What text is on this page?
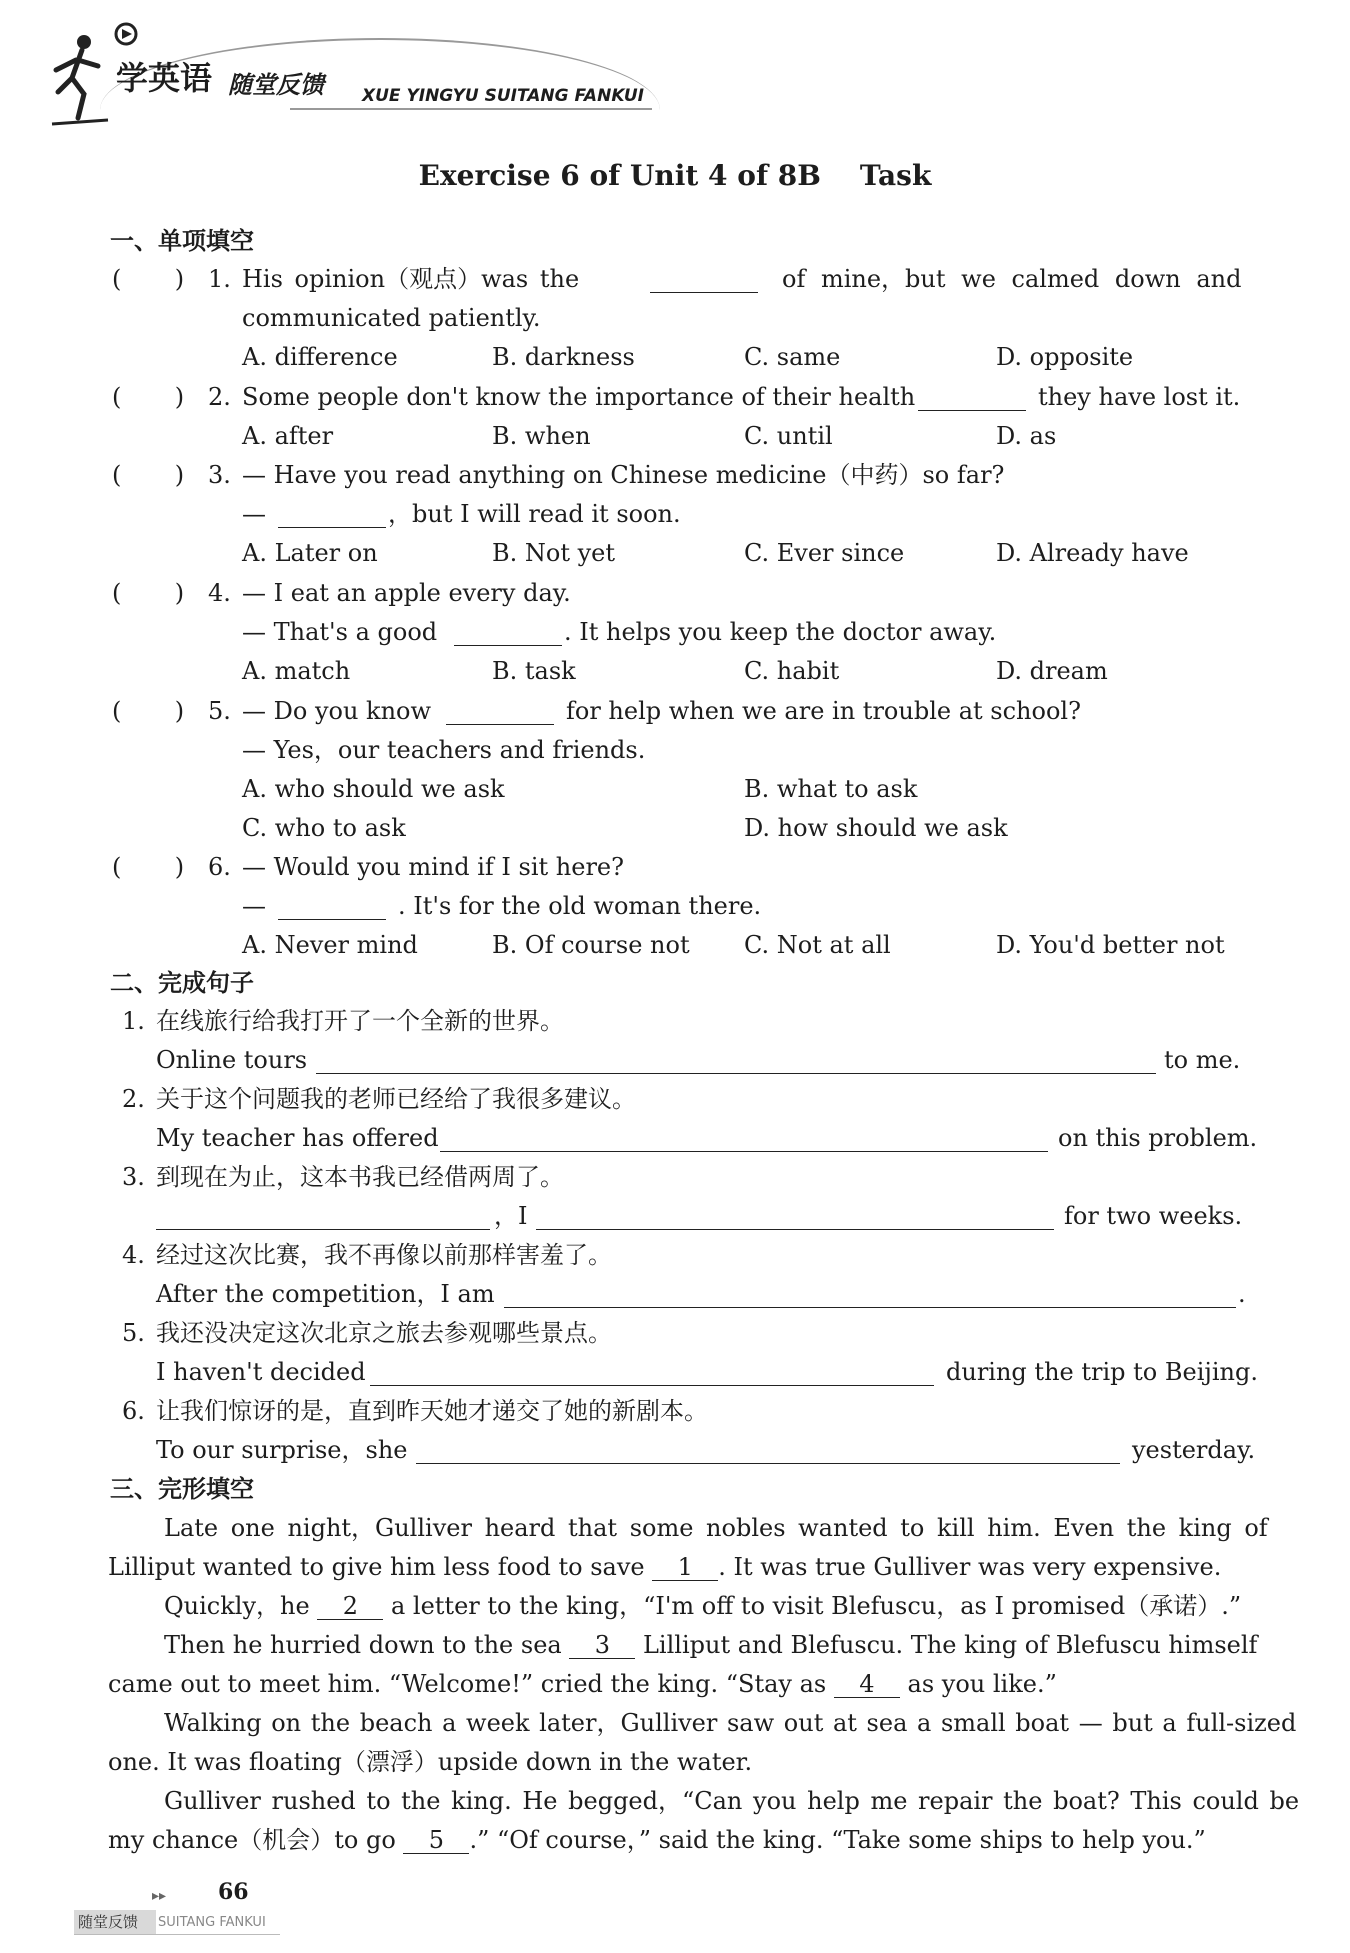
学英语 随堂反馈 XUE YINGYU SUITANG FANKUI
Exercise 6 of Unit 4 of 8B    Task
一、单项填空
(       ) 1. His opinion（观点）was the	of mine，but we calmed down and
communicated patiently.
A. difference	B. darkness	C. same	D. opposite
(       ) 2. Some people don't know the importance of their health	they have lost it.
A. after	B. when	C. until	D. as
(       ) 3. — Have you read anything on Chinese medicine（中药）so far?
—	，but I will read it soon.
A. Later on	B. Not yet	C. Ever since	D. Already have
(       ) 4. — I eat an apple every day.
— That's a good	. It helps you keep the doctor away.
A. match	B. task	C. habit	D. dream
(       ) 5. — Do you know	for help when we are in trouble at school?
— Yes，our teachers and friends.
A. who should we ask	B. what to ask
C. who to ask	D. how should we ask
(       ) 6. — Would you mind if I sit here?
—	. It's for the old woman there.
A. Never mind	B. Of course not C. Not at all	D. You'd better not
二、完成句子
1. 在线旅行给我打开了一个全新的世界。
Online tours	to me.
2. 关于这个问题我的老师已经给了我很多建议。
My teacher has offered	on this problem.
3. 到现在为止，这本书我已经借两周了。
，I	for two weeks.
4. 经过这次比赛，我不再像以前那样害羞了。
After the competition，I am	.
5. 我还没决定这次北京之旅去参观哪些景点。
I haven't decided	during the trip to Beijing.
6. 让我们惊讶的是，直到昨天她才递交了她的新剧本。
To our surprise，she	yesterday.
三、完形填空
Late one night，Gulliver heard that some nobles wanted to kill him. Even the king of
Lilliput wanted to give him less food to save 1 . It was true Gulliver was very expensive.
Quickly，he 2 a letter to the king，“I'm off to visit Blefuscu，as I promised（承诺）.”
Then he hurried down to the sea 3 Lilliput and Blefuscu. The king of Blefuscu himself
came out to meet him. “Welcome!” cried the king. “Stay as 4 as you like.”
Walking on the beach a week later，Gulliver saw out at sea a small boat — but a full-sized
one. It was floating（漂浮）upside down in the water.
Gulliver rushed to the king. He begged，“Can you help me repair the boat? This could be
my chance（机会）to go 5 .” “Of course，” said the king. “Take some ships to help you.”
▸▸ 66
随堂反馈 SUITANG FANKUI
